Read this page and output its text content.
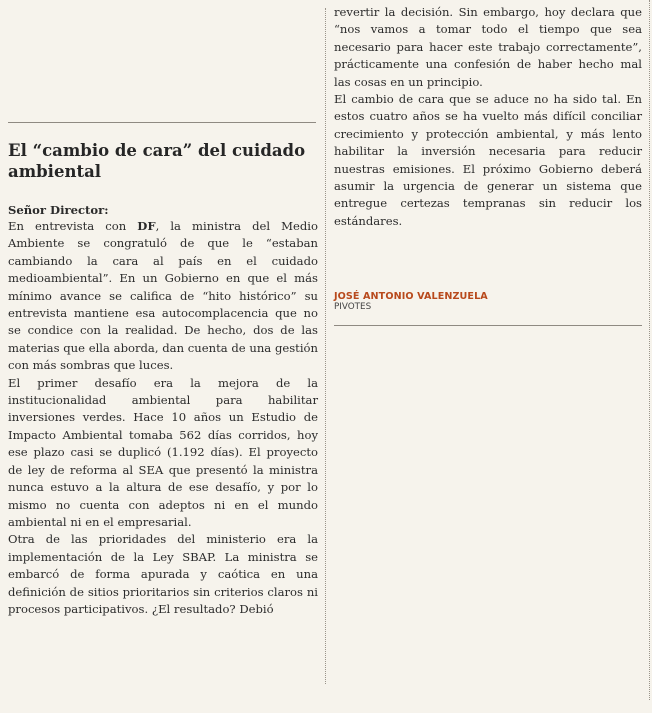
El “cambio de cara” del cuidado ambiental
Señor Director:

En entrevista con DF, la ministra del Medio Ambiente se congratuló de que le “estaban cambiando la cara al país en el cuidado medioambiental”. En un Gobierno en que el más mínimo avance se califica de “hito histórico” su entrevista mantiene esa autocomplacencia que no se condice con la realidad. De hecho, dos de las materias que ella aborda, dan cuenta de una gestión con más sombras que luces.

El primer desafío era la mejora de la institucionalidad ambiental para habilitar inversiones verdes. Hace 10 años un Estudio de Impacto Ambiental tomaba 562 días corridos, hoy ese plazo casi se duplicó (1.192 días). El proyecto de ley de reforma al SEA que presentó la ministra nunca estuvo a la altura de ese desafío, y por lo mismo no cuenta con adeptos ni en el mundo ambiental ni en el empresarial.

Otra de las prioridades del ministerio era la implementación de la Ley SBAP. La ministra se embarcó de forma apurada y caótica en una definición de sitios prioritarios sin criterios claros ni procesos participativos. ¿El resultado? Debió

revertir la decisión. Sin embargo, hoy declara que “nos vamos a tomar todo el tiempo que sea necesario para hacer este trabajo correctamente”, prácticamente una confesión de haber hecho mal las cosas en un principio.

El cambio de cara que se aduce no ha sido tal. En estos cuatro años se ha vuelto más difícil conciliar crecimiento y protección ambiental, y más lento habilitar la inversión necesaria para reducir nuestras emisiones. El próximo Gobierno deberá asumir la urgencia de generar un sistema que entregue certezas tempranas sin reducir los estándares.

JOSÉ ANTONIO VALENZUELA
PIVOTES
